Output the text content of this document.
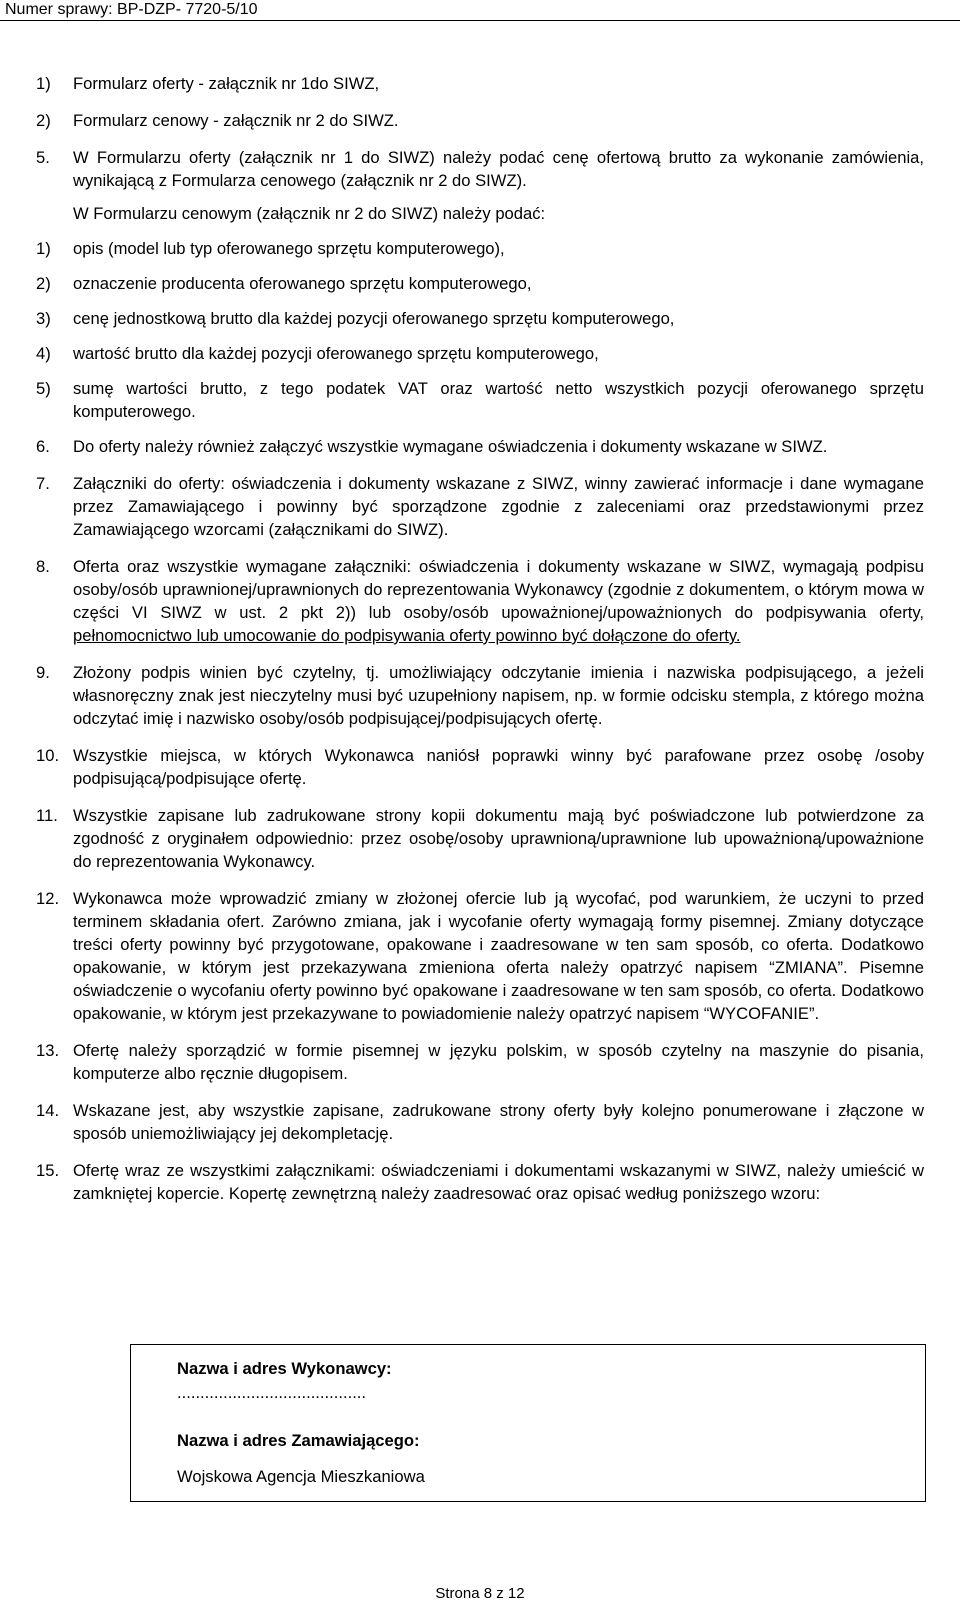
Numer sprawy: BP-DZP- 7720-5/10
1) Formularz oferty - załącznik nr 1do SIWZ,
2) Formularz cenowy - załącznik nr 2 do SIWZ.
5. W Formularzu oferty (załącznik nr 1 do SIWZ) należy podać cenę ofertową brutto za wykonanie zamówienia, wynikającą z Formularza cenowego (załącznik nr 2 do SIWZ).
W Formularzu cenowym (załącznik nr 2 do SIWZ) należy podać:
1) opis (model lub typ oferowanego sprzętu komputerowego),
2) oznaczenie producenta oferowanego sprzętu komputerowego,
3) cenę jednostkową brutto dla każdej pozycji oferowanego sprzętu komputerowego,
4) wartość brutto dla każdej pozycji oferowanego sprzętu komputerowego,
5) sumę wartości brutto, z tego podatek VAT oraz wartość netto wszystkich pozycji oferowanego sprzętu komputerowego.
6. Do oferty należy również załączyć wszystkie wymagane oświadczenia i dokumenty wskazane w SIWZ.
7. Załączniki do oferty: oświadczenia i dokumenty wskazane z SIWZ, winny zawierać informacje i dane wymagane przez Zamawiającego i powinny być sporządzone zgodnie z zaleceniami oraz przedstawionymi przez Zamawiającego wzorcami (załącznikami do SIWZ).
8. Oferta oraz wszystkie wymagane załączniki: oświadczenia i dokumenty wskazane w SIWZ, wymagają podpisu osoby/osób uprawnionej/uprawnionych do reprezentowania Wykonawcy (zgodnie z dokumentem, o którym mowa w części VI SIWZ w ust. 2 pkt 2)) lub osoby/osób upoważnionej/upoważnionych do podpisywania oferty, pełnomocnictwo lub umocowanie do podpisywania oferty powinno być dołączone do oferty.
9. Złożony podpis winien być czytelny, tj. umożliwiający odczytanie imienia i nazwiska podpisującego, a jeżeli własnoręczny znak jest nieczytelny musi być uzupełniony napisem, np. w formie odcisku stempla, z którego można odczytać imię i nazwisko osoby/osób podpisującej/podpisujących ofertę.
10. Wszystkie miejsca, w których Wykonawca naniósł poprawki winny być parafowane przez osobę /osoby podpisującą/podpisujące ofertę.
11. Wszystkie zapisane lub zadrukowane strony kopii dokumentu mają być poświadczone lub potwierdzone za zgodność z oryginałem odpowiednio: przez osobę/osoby uprawnioną/uprawnione lub upoważnioną/upoważnione do reprezentowania Wykonawcy.
12. Wykonawca może wprowadzić zmiany w złożonej ofercie lub ją wycofać, pod warunkiem, że uczyni to przed terminem składania ofert. Zarówno zmiana, jak i wycofanie oferty wymagają formy pisemnej. Zmiany dotyczące treści oferty powinny być przygotowane, opakowane i zaadresowane w ten sam sposób, co oferta. Dodatkowo opakowanie, w którym jest przekazywana zmieniona oferta należy opatrzyć napisem “ZMIANA”. Pisemne oświadczenie o wycofaniu oferty powinno być opakowane i zaadresowane w ten sam sposób, co oferta. Dodatkowo opakowanie, w którym jest przekazywane to powiadomienie należy opatrzyć napisem “WYCOFANIE”.
13. Ofertę należy sporządzić w formie pisemnej w języku polskim, w sposób czytelny na maszynie do pisania, komputerze albo ręcznie długopisem.
14. Wskazane jest, aby wszystkie zapisane, zadrukowane strony oferty były kolejno ponumerowane i złączone w sposób uniemożliwiający jej dekompletację.
15. Ofertę wraz ze wszystkimi załącznikami: oświadczeniami i dokumentami wskazanymi w SIWZ, należy umieścić w zamkniętej kopercie. Kopertę zewnętrzną należy zaadresować oraz opisać według poniższego wzoru:
Nazwa i adres Wykonawcy:
.........................................
Nazwa i adres Zamawiającego:
Wojskowa Agencja Mieszkaniowa
Strona 8 z 12
